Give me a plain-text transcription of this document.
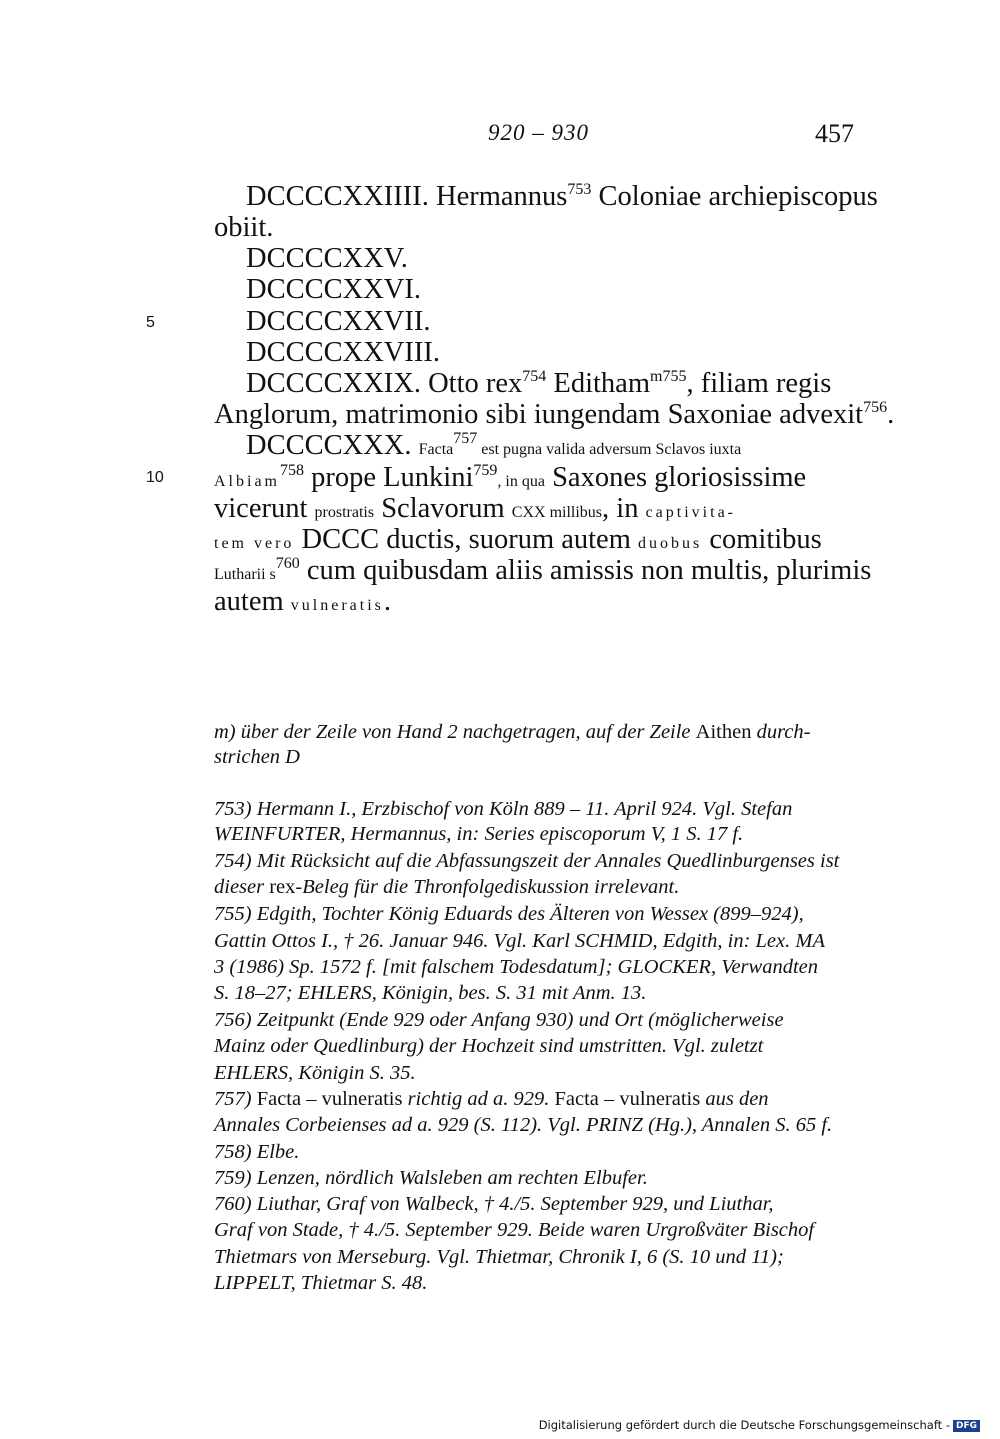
920 – 930	457
5
10
DCCCCXXIIII. Hermannus$^{753}$ Coloniae archiepiscopus
obiit.
DCCCCXXV.
DCCCCXXVI.
DCCCCXXVII.
DCCCCXXVIII.
DCCCCXXIX. Otto rex$^{754}$ Editham$^{m755}$, filiam regis
Anglorum, matrimonio sibi iungendam Saxoniae advexit$^{756}$.
DCCCCXXX. Facta$^{757}$ est pugna valida adversum Sclavos iuxta
Albiam$^{758}$ prope Lunkini$^{759}$, in qua Saxones gloriosissime
vicerunt prostratis Sclavorum CXX millibus, in captivita-
tem vero DCCC ductis, suorum autem duobus comitibus
Lutharii $s^{760}$ cum quibusdam aliis amissis non multis, plurimis
autem vulneratis.
m) über der Zeile von Hand 2 nachgetragen, auf der Zeile Aithen durch-
strichen D
753) Hermann I., Erzbischof von Köln 889 – 11. April 924. Vgl. Stefan
WEINFURTER, Hermannus, in: Series episcoporum V, 1 S. 17 f.
754) Mit Rücksicht auf die Abfassungszeit der Annales Quedlinburgenses ist
dieser rex-Beleg für die Thronfolgediskussion irrelevant.
755) Edgith, Tochter König Eduards des Älteren von Wessex (899–924),
Gattin Ottos I., † 26. Januar 946. Vgl. Karl SCHMID, Edgith, in: Lex. MA
3 (1986) Sp. 1572 f. [mit falschem Todesdatum]; GLOCKER, Verwandten
S. 18–27; EHLERS, Königin, bes. S. 31 mit Anm. 13.
756) Zeitpunkt (Ende 929 oder Anfang 930) und Ort (möglicherweise
Mainz oder Quedlinburg) der Hochzeit sind umstritten. Vgl. zuletzt
EHLERS, Königin S. 35.
757) Facta – vulneratis richtig ad a. 929. Facta – vulneratis aus den
Annales Corbeienses ad a. 929 (S. 112). Vgl. PRINZ (Hg.), Annalen S. 65 f.
758) Elbe.
759) Lenzen, nördlich Walsleben am rechten Elbufer.
760) Liuthar, Graf von Walbeck, † 4./5. September 929, und Liuthar,
Graf von Stade, † 4./5. September 929. Beide waren Urgroßväter Bischof
Thietmars von Merseburg. Vgl. Thietmar, Chronik I, 6 (S. 10 und 11);
LIPPELT, Thietmar S. 48.
Digitalisierung gefördert durch die Deutsche Forschungsgemeinschaft - DFG
